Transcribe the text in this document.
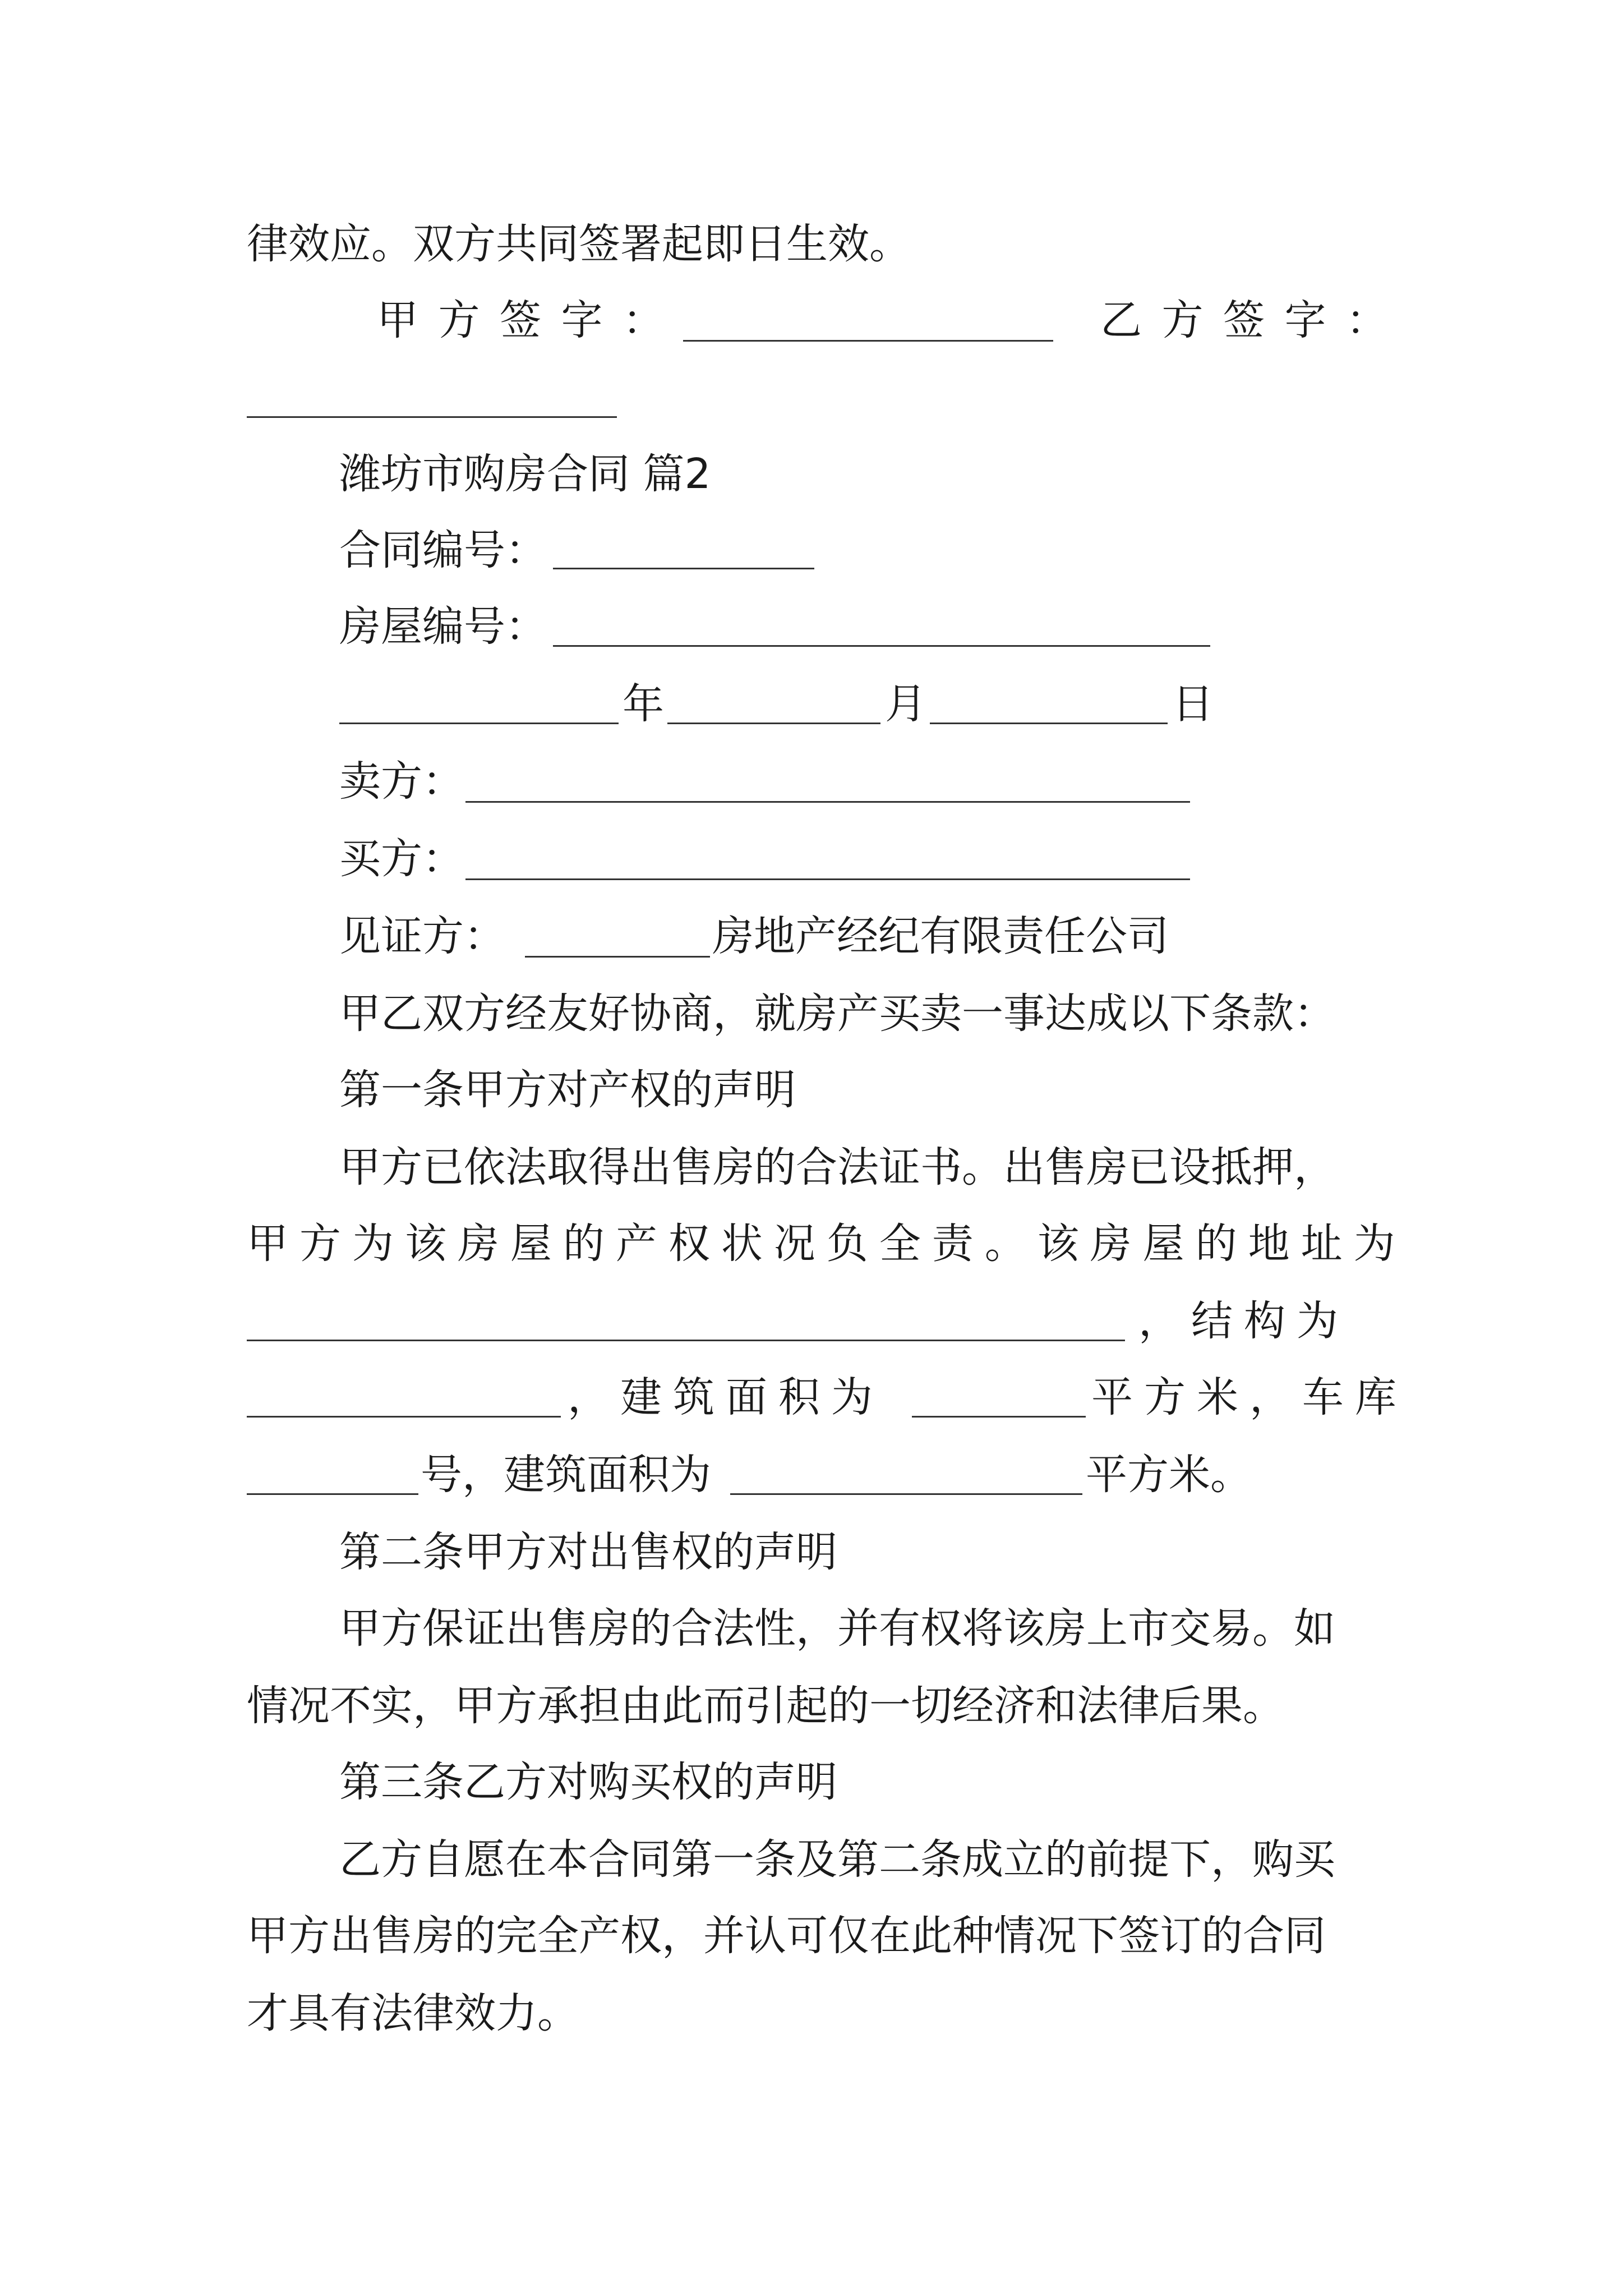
律效应。双方共同签署起即日生效。
甲方签字：	乙方签字：
潍坊市购房合同 篇2
合同编号：
房屋编号：
年	月	日
卖方：
买方：
见证方：	房地产经纪有限责任公司
甲乙双方经友好协商，就房产买卖一事达成以下条款：
第一条甲方对产权的声明
甲方已依法取得出售房的合法证书。出售房已设抵押，
甲方为该房屋的产权状况负全责。该房屋的地址为
，结构为
，建筑面积为	平方米，车库
号，建筑面积为	平方米。
第二条甲方对出售权的声明
甲方保证出售房的合法性，并有权将该房上市交易。如
情况不实，甲方承担由此而引起的一切经济和法律后果。
第三条乙方对购买权的声明
乙方自愿在本合同第一条及第二条成立的前提下，购买
甲方出售房的完全产权，并认可仅在此种情况下签订的合同
才具有法律效力。
